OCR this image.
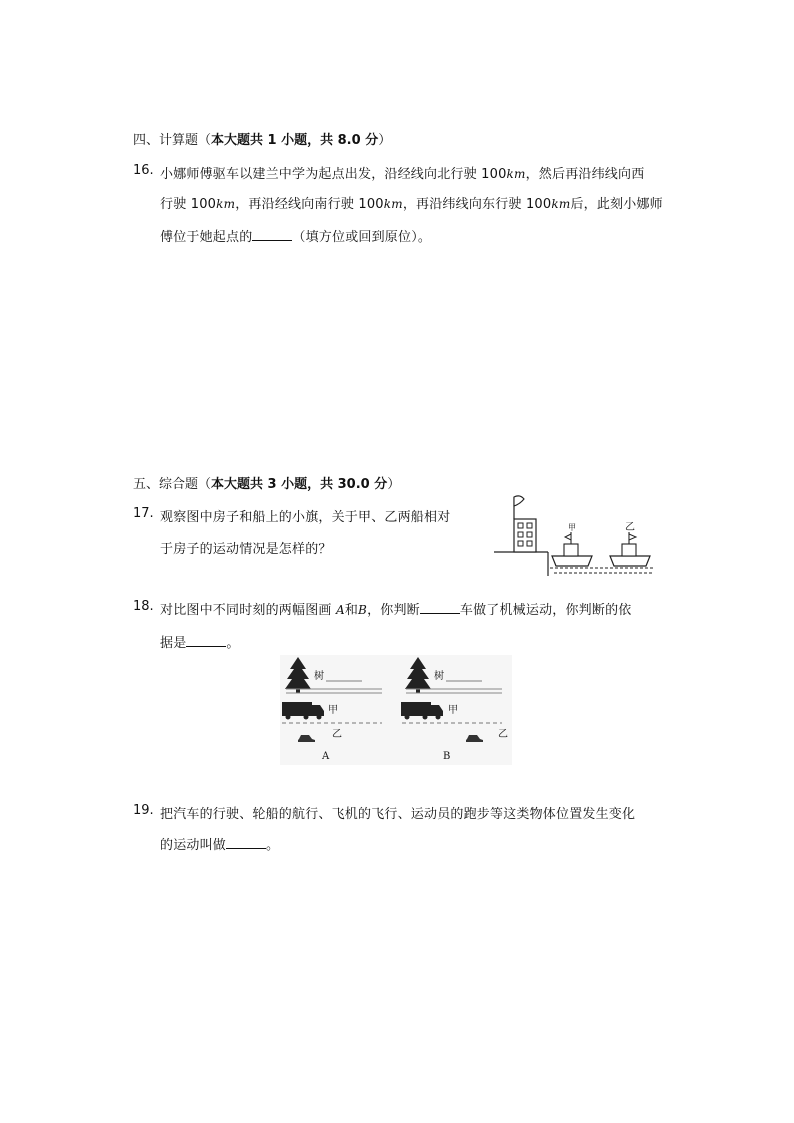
四、计算题（本大题共 1 小题，共 8.0 分）
16. 小娜师傅驱车以建兰中学为起点出发，沿经线向北行驶 100km，然后再沿纬线向西
行驶 100km，再沿经线向南行驶 100km，再沿纬线向东行驶 100km后，此刻小娜师
傅位于她起点的	（填方位或回到原位）。
五、综合题（本大题共 3 小题，共 30.0 分）
17. 观察图中房子和船上的小旗，关于甲、乙两船相对
于房子的运动情况是怎样的？
甲	乙
18. 对比图中不同时刻的两幅图画 A和B，你判断	车做了机械运动，你判断的依
据是	。
树
甲
乙
A
树
甲
乙
B
19. 把汽车的行驶、轮船的航行、飞机的飞行、运动员的跑步等这类物体位置发生变化
的运动叫做	。
